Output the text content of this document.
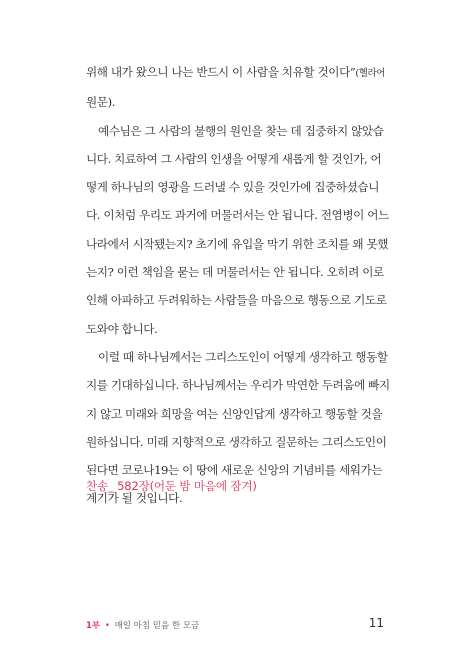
위해 내가 왔으니 나는 반드시 이 사람을 치유할 것이다”(헬라어
원문).

예수님은 그 사람의 불행의 원인을 찾는 데 집중하지 않았습
니다. 치료하여 그 사람의 인생을 어떻게 새롭게 할 것인가, 어
떻게 하나님의 영광을 드러낼 수 있을 것인가에 집중하셨습니
다. 이처럼 우리도 과거에 머물러서는 안 됩니다. 전염병이 어느
나라에서 시작됐는지? 초기에 유입을 막기 위한 조치를 왜 못했
는지? 이런 책임을 묻는 데 머물러서는 안 됩니다. 오히려 이로
인해 아파하고 두려워하는 사람들을 마음으로 행동으로 기도로
도와야 합니다.

이럴 때 하나님께서는 그리스도인이 어떻게 생각하고 행동할
지를 기대하십니다. 하나님께서는 우리가 막연한 두려움에 빠지
지 않고 미래와 희망을 여는 신앙인답게 생각하고 행동할 것을
원하십니다. 미래 지향적으로 생각하고 질문하는 그리스도인이
된다면 코로나19는 이 땅에 새로운 신앙의 기념비를 세워가는
계기가 될 것입니다.

찬송_ 582장(어둔 밤 마음에 잠겨)
1부 • 매일 아침 믿음 한 모금	11
